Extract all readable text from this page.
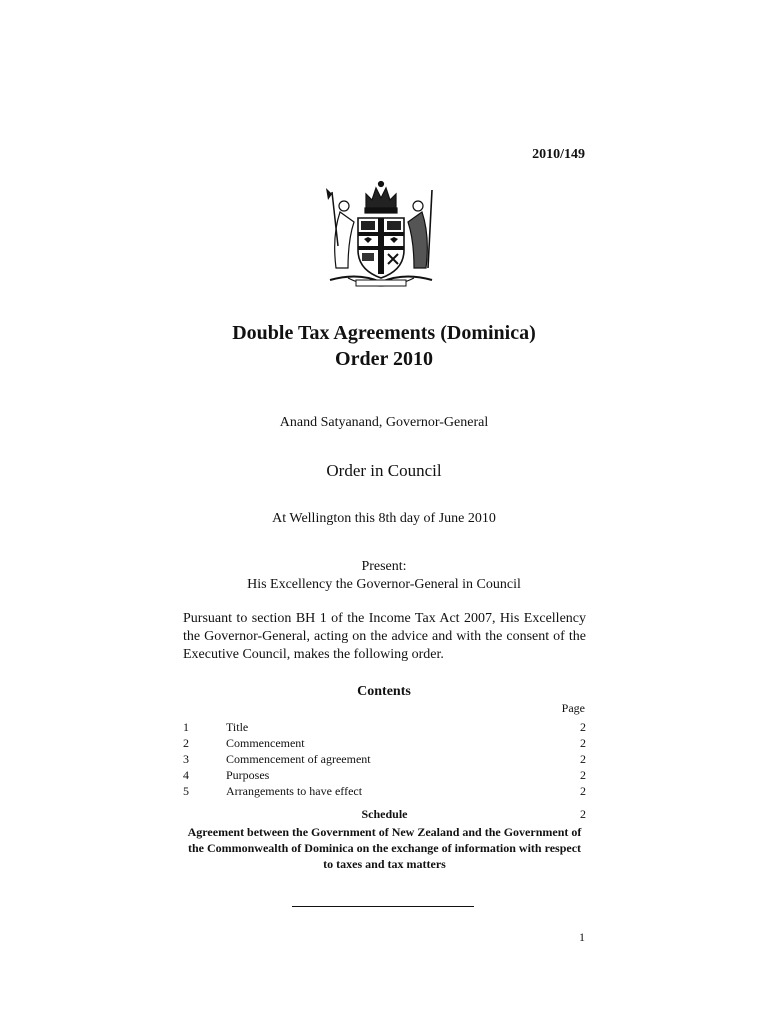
2010/149
Double Tax Agreements (Dominica)
Order 2010
Anand Satyanand, Governor-General
Order in Council
At Wellington this 8th day of June 2010
Present:
His Excellency the Governor-General in Council
Pursuant to section BH 1 of the Income Tax Act 2007, His Excellency the Governor-General, acting on the advice and with the consent of the Executive Council, makes the following order.
Contents
Page
1	Title	2
2	Commencement	2
3	Commencement of agreement	2
4	Purposes	2
5	Arrangements to have effect	2
Schedule	2
Agreement between the Government of New Zealand and the Government of the Commonwealth of Dominica on the exchange of information with respect to taxes and tax matters
1
